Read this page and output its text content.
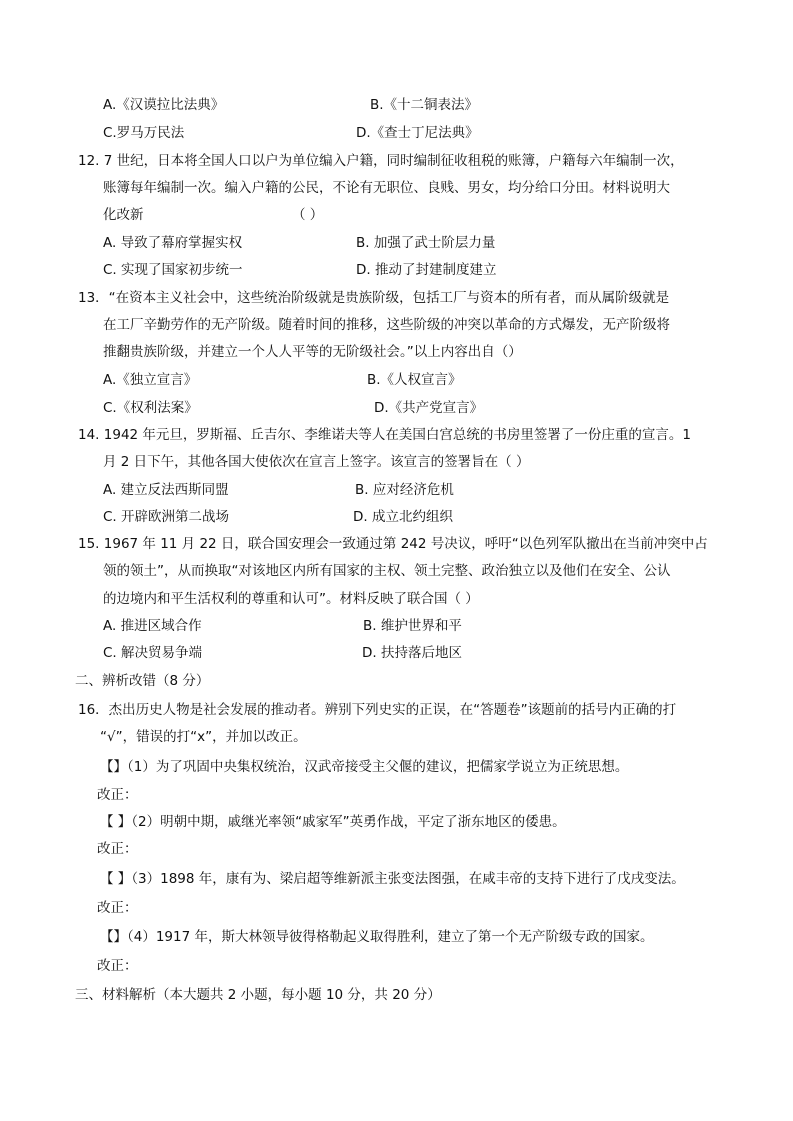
A.《汉谟拉比法典》	B.《十二铜表法》
C.罗马万民法	D.《查士丁尼法典》
12. 7 世纪，日本将全国人口以户为单位编入户籍，同时编制征收租税的账簿，户籍每六年编制一次，
账簿每年编制一次。编入户籍的公民，不论有无职位、良贱、男女，均分给口分田。材料说明大
化改新	（ ）
A. 导致了幕府掌握实权	B. 加强了武士阶层力量
C. 实现了国家初步统一	D. 推动了封建制度建立
13．“在资本主义社会中，这些统治阶级就是贵族阶级，包括工厂与资本的所有者，而从属阶级就是
在工厂辛勤劳作的无产阶级。随着时间的推移，这些阶级的冲突以革命的方式爆发，无产阶级将
推翻贵族阶级，并建立一个人人平等的无阶级社会。”以上内容出自（）
A.《独立宣言》	B.《人权宣言》
C.《权利法案》	D.《共产党宣言》
14. 1942 年元旦，罗斯福、丘吉尔、李维诺夫等人在美国白宫总统的书房里签署了一份庄重的宣言。1
月 2 日下午，其他各国大使依次在宣言上签字。该宣言的签署旨在（ ）
A. 建立反法西斯同盟	B. 应对经济危机
C. 开辟欧洲第二战场	D. 成立北约组织
15. 1967 年 11 月 22 日，联合国安理会一致通过第 242 号决议，呼吁“以色列军队撤出在当前冲突中占
领的领土”，从而换取“对该地区内所有国家的主权、领土完整、政治独立以及他们在安全、公认
的边境内和平生活权利的尊重和认可”。材料反映了联合国（ ）
A. 推进区域合作	B. 维护世界和平
C. 解决贸易争端	D. 扶持落后地区
二、辨析改错（8 分）
16．杰出历史人物是社会发展的推动者。辨别下列史实的正误，在“答题卷”该题前的括号内正确的打
“√”，错误的打“x”，并加以改正。
【】（1）为了巩固中央集权统治，汉武帝接受主父偃的建议，把儒家学说立为正统思想。
改正：
【 】（2）明朝中期，戚继光率领“戚家军”英勇作战，平定了浙东地区的倭患。
改正：
【 】（3）1898 年，康有为、梁启超等维新派主张变法图强，在咸丰帝的支持下进行了戊戌变法。
改正：
【】（4）1917 年，斯大林领导彼得格勒起义取得胜利，建立了第一个无产阶级专政的国家。
改正：
三、材料解析（本大题共 2 小题，每小题 10 分，共 20 分）
